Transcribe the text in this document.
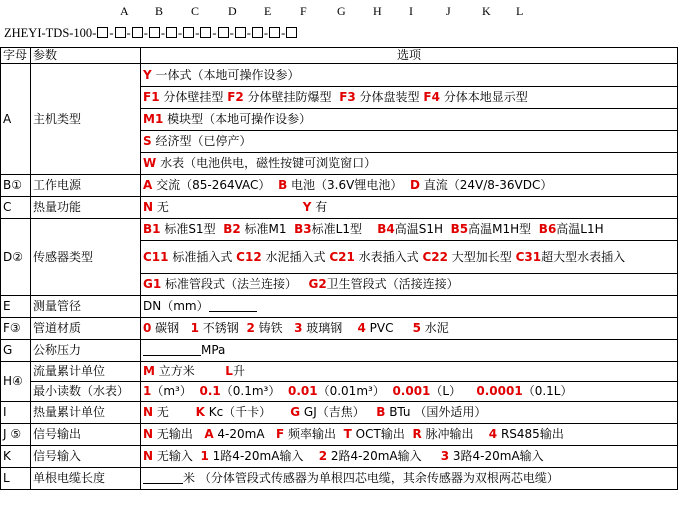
A B C D E F	G H I	J	K L
ZHEYI-TDS-100- - - - - - - - - - - -
字母	参数	选项
A	主机类型	Y 一体式（本地可操作设参）
		F1 分体壁挂型 F2 分体壁挂防爆型  F3 分体盘装型 F4 分体本地显示型
		M1 模块型（本地可操作设参）
		S 经济型（已停产）
		W 水表（电池供电，磁性按键可浏览窗口）
B①	工作电源	A 交流（85-264VAC）  B 电池（3.6V锂电池）  D 直流（24V/8-36VDC）
C	热量功能	N 无 Y 有
D②	传感器类型	B1 标准S1型  B2 标准M1  B3标准L1型    B4高温S1H  B5高温M1H型  B6高温L1H
		C11 标准插入式 C12 水泥插入式 C21 水表插入式 C22 大型加长型 C31超大型水表插入
		G1 标准管段式（法兰连接）   G2卫生管段式（活接连接）
E	测量管径	DN（mm）
F③	管道材质	0 碳钢   1 不锈钢  2 铸铁   3 玻璃钢    4 PVC     5 水泥
G	公称压力	MPa
H④	流量累计单位	M 立方米        L升
	最小读数（水表）	1（m³）  0.1（0.1m³）  0.01（0.01m³）  0.001（L）    0.0001（0.1L）
I	热量累计单位	N 无       K Kc（千卡）     G GJ（吉焦）   B BTu （国外适用）
J ⑤	信号输出	N 无输出   A 4-20mA   F 频率输出  T OCT输出  R 脉冲输出    4 RS485输出
K	信号输入	N 无输入  1 1路4-20mA输入    2 2路4-20mA输入     3 3路4-20mA输入
L	单根电缆长度	米 （分体管段式传感器为单根四芯电缆，其余传感器为双根两芯电缆）
